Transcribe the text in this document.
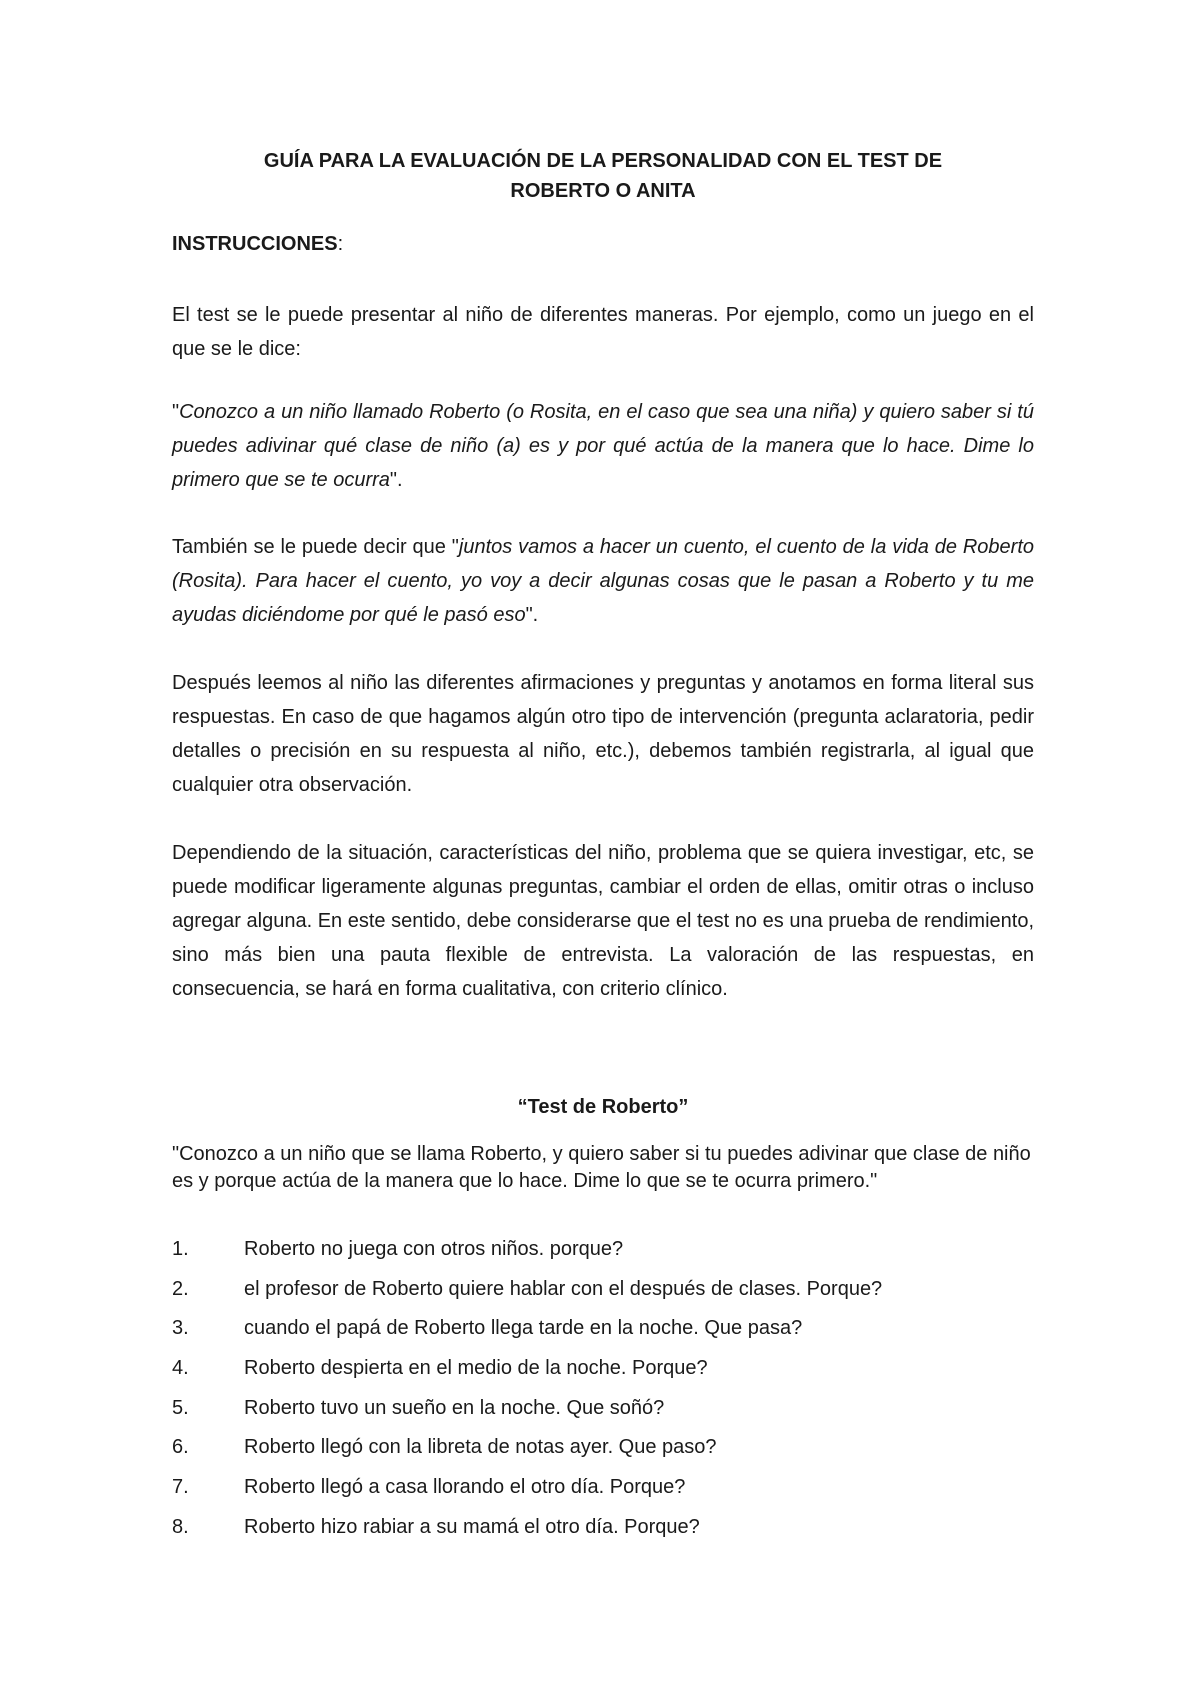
GUÍA PARA LA EVALUACIÓN DE LA PERSONALIDAD CON EL TEST DE
ROBERTO O ANITA
INSTRUCCIONES:

El test se le puede presentar al niño de diferentes maneras. Por ejemplo, como un juego en el que se le dice:

"Conozco a un niño llamado Roberto (o Rosita, en el caso que sea una niña) y quiero saber si tú puedes adivinar qué clase de niño (a) es y por qué actúa de la manera que lo hace. Dime lo primero que se te ocurra".

También se le puede decir que "juntos vamos a hacer un cuento, el cuento de la vida de Roberto (Rosita). Para hacer el cuento, yo voy a decir algunas cosas que le pasan a Roberto y tu me ayudas diciéndome por qué le pasó eso".

Después leemos al niño las diferentes afirmaciones y preguntas y anotamos en forma literal sus respuestas. En caso de que hagamos algún otro tipo de intervención (pregunta aclaratoria, pedir detalles o precisión en su respuesta al niño, etc.), debemos también registrarla, al igual que cualquier otra observación.

Dependiendo de la situación, características del niño, problema que se quiera investigar, etc, se puede modificar ligeramente algunas preguntas, cambiar el orden de ellas, omitir otras o incluso agregar alguna. En este sentido, debe considerarse que el test no es una prueba de rendimiento, sino más bien una pauta flexible de entrevista. La valoración de las respuestas, en consecuencia, se hará en forma cualitativa, con criterio clínico.

“Test de Roberto”

"Conozco a un niño que se llama Roberto, y quiero saber si tu puedes adivinar que clase de niño es y porque actúa de la manera que lo hace. Dime lo que se te ocurra primero."

1.	Roberto no juega con otros niños. porque?
2.	el profesor de Roberto quiere hablar con el después de clases. Porque?
3.	cuando el papá de Roberto llega tarde en la noche. Que pasa?
4.	Roberto despierta en el medio de la noche. Porque?
5.	Roberto tuvo un sueño en la noche. Que soñó?
6.	Roberto llegó con la libreta de notas ayer. Que paso?
7.	Roberto llegó a casa llorando el otro día. Porque?
8.	Roberto hizo rabiar a su mamá el otro día. Porque?
